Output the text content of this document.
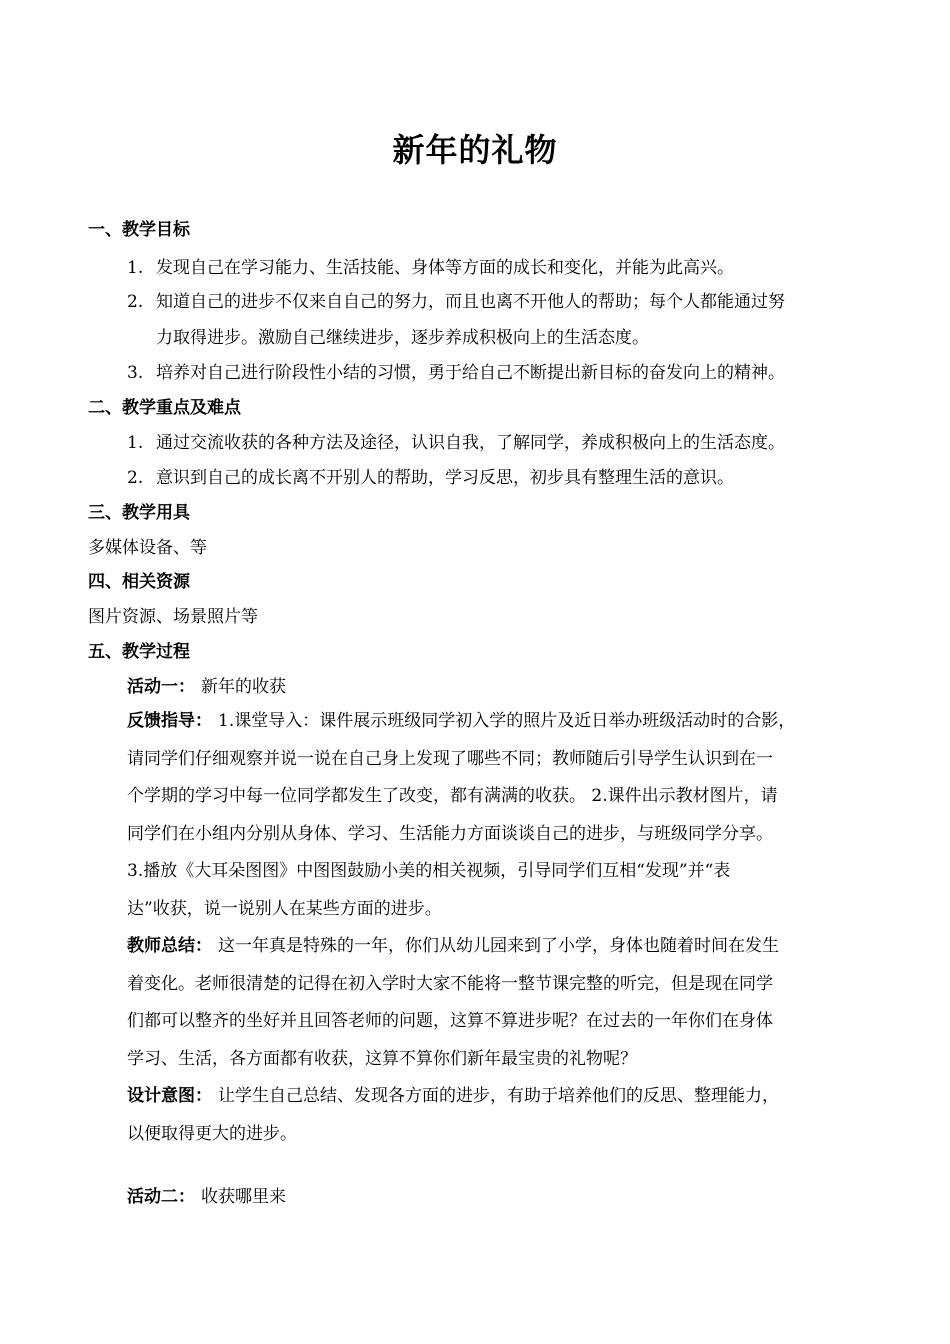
新年的礼物
一、教学目标
1. 发现自己在学习能力、生活技能、身体等方面的成长和变化，并能为此高兴。
2. 知道自己的进步不仅来自自己的努力，而且也离不开他人的帮助；每个人都能通过努
力取得进步。激励自己继续进步，逐步养成积极向上的生活态度。
3. 培养对自己进行阶段性小结的习惯，勇于给自己不断提出新目标的奋发向上的精神。
二、教学重点及难点
1. 通过交流收获的各种方法及途径，认识自我，了解同学，养成积极向上的生活态度。
2. 意识到自己的成长离不开别人的帮助，学习反思，初步具有整理生活的意识。
三、教学用具
多媒体设备、等
四、相关资源
图片资源、场景照片等
五、教学过程
活动一： 新年的收获

反馈指导： 1.课堂导入：课件展示班级同学初入学的照片及近日举办班级活动时的合影，

请同学们仔细观察并说一说在自己身上发现了哪些不同；教师随后引导学生认识到在一

个学期的学习中每一位同学都发生了改变，都有满满的收获。 2.课件出示教材图片，请

同学们在小组内分别从身体、学习、生活能力方面谈谈自己的进步，与班级同学分享。

3.播放《大耳朵图图》中图图鼓励小美的相关视频，引导同学们互相“发现”并“表

达”收获，说一说别人在某些方面的进步。

教师总结： 这一年真是特殊的一年，你们从幼儿园来到了小学，身体也随着时间在发生

着变化。老师很清楚的记得在初入学时大家不能将一整节课完整的听完，但是现在同学

们都可以整齐的坐好并且回答老师的问题，这算不算进步呢？在过去的一年你们在身体

学习、生活，各方面都有收获，这算不算你们新年最宝贵的礼物呢？

设计意图： 让学生自己总结、发现各方面的进步，有助于培养他们的反思、整理能力，

以便取得更大的进步。

活动二： 收获哪里来
